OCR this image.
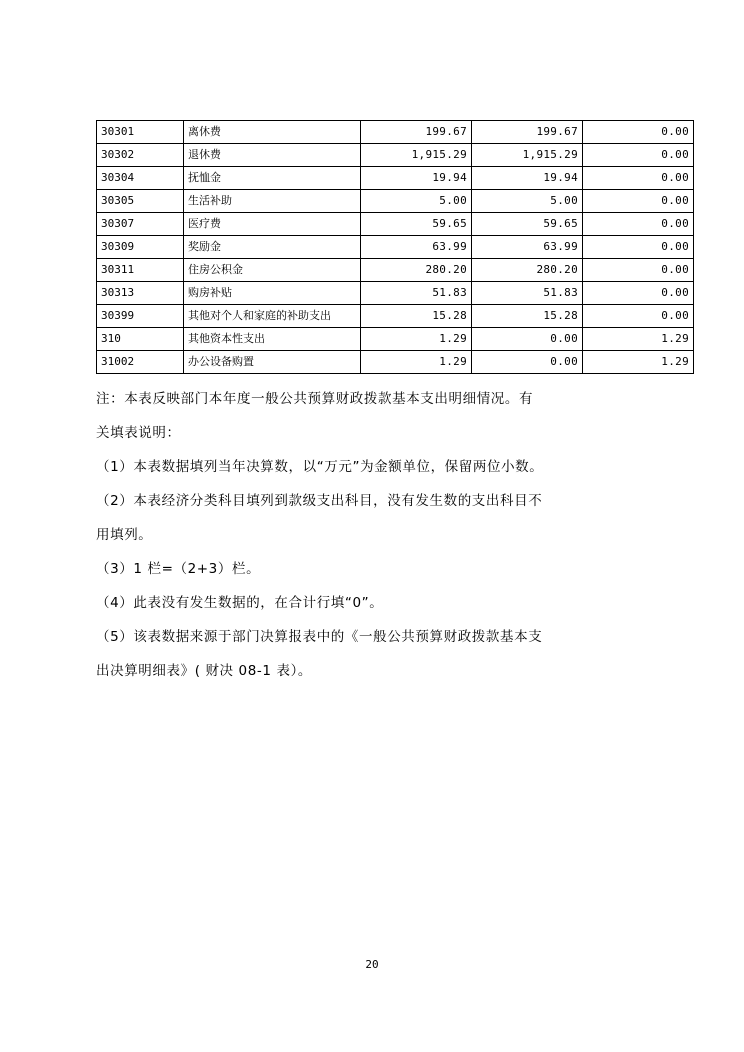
30301	离休费	199.67	199.67	0.00
30302	退休费	1,915.29	1,915.29	0.00
30304	抚恤金	19.94	19.94	0.00
30305	生活补助	5.00	5.00	0.00
30307	医疗费	59.65	59.65	0.00
30309	奖励金	63.99	63.99	0.00
30311	住房公积金	280.20	280.20	0.00
30313	购房补贴	51.83	51.83	0.00
30399	其他对个人和家庭的补助支出	15.28	15.28	0.00
310	其他资本性支出	1.29	0.00	1.29
31002	办公设备购置	1.29	0.00	1.29

注：本表反映部门本年度一般公共预算财政拨款基本支出明细情况。有

关填表说明：

（1）本表数据填列当年决算数，以“万元”为金额单位，保留两位小数。

（2）本表经济分类科目填列到款级支出科目，没有发生数的支出科目不

用填列。

（3）1 栏=（2+3）栏。

（4）此表没有发生数据的，在合计行填“0”。

（5）该表数据来源于部门决算报表中的《一般公共预算财政拨款基本支

出决算明细表》( 财决 08-1 表）。

20
